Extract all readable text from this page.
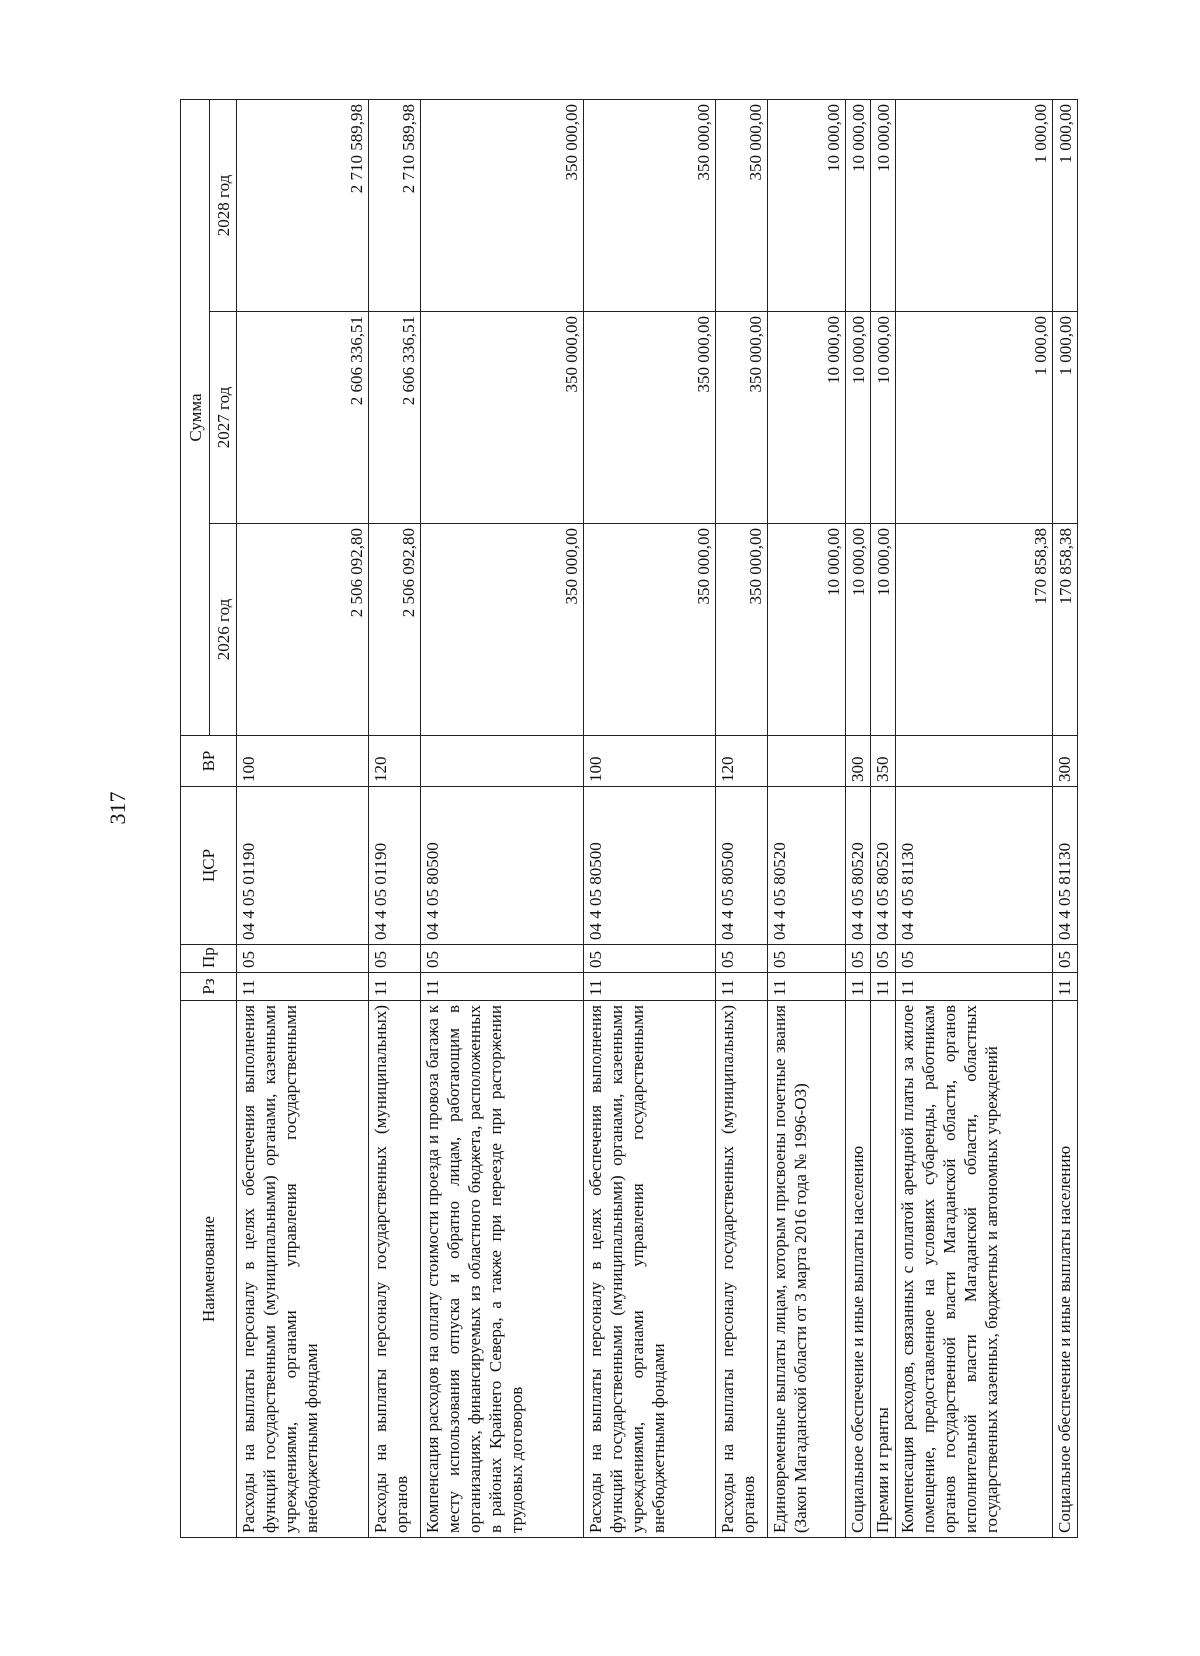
317
Наименование	Рз	Пр	ЦСР	ВР	Сумма		
					2026 год	2027 год	2028 год
Расходы на выплаты персоналу в целях обеспечения выполнения функций государственными (муниципальными) органами, казенными учреждениями, органами управления государственными внебюджетными фондами	11	05	04 4 05 01190	100	2 506 092,80	2 606 336,51	2 710 589,98
Расходы на выплаты персоналу государственных (муниципальных) органов	11	05	04 4 05 01190	120	2 506 092,80	2 606 336,51	2 710 589,98
Компенсация расходов на оплату стоимости проезда и провоза багажа к месту использования отпуска и обратно лицам, работающим в организациях, финансируемых из областного бюджета, расположенных в районах Крайнего Севера, а также при переезде при расторжении трудовых договоров	11	05	04 4 05 80500		350 000,00	350 000,00	350 000,00
Расходы на выплаты персоналу в целях обеспечения выполнения функций государственными (муниципальными) органами, казенными учреждениями, органами управления государственными внебюджетными фондами	11	05	04 4 05 80500	100	350 000,00	350 000,00	350 000,00
Расходы на выплаты персоналу государственных (муниципальных) органов	11	05	04 4 05 80500	120	350 000,00	350 000,00	350 000,00
Единовременные выплаты лицам, которым присвоены почетные звания (Закон Магаданской области от 3 марта 2016 года № 1996-ОЗ)	11	05	04 4 05 80520		10 000,00	10 000,00	10 000,00
Социальное обеспечение и иные выплаты населению	11	05	04 4 05 80520	300	10 000,00	10 000,00	10 000,00
Премии и гранты	11	05	04 4 05 80520	350	10 000,00	10 000,00	10 000,00
Компенсация расходов, связанных с оплатой арендной платы за жилое помещение, предоставленное на условиях субаренды, работникам органов государственной власти Магаданской области, органов исполнительной власти Магаданской области, областных государственных казенных, бюджетных и автономных учреждений	11	05	04 4 05 81130		170 858,38	1 000,00	1 000,00
Социальное обеспечение и иные выплаты населению	11	05	04 4 05 81130	300	170 858,38	1 000,00	1 000,00
